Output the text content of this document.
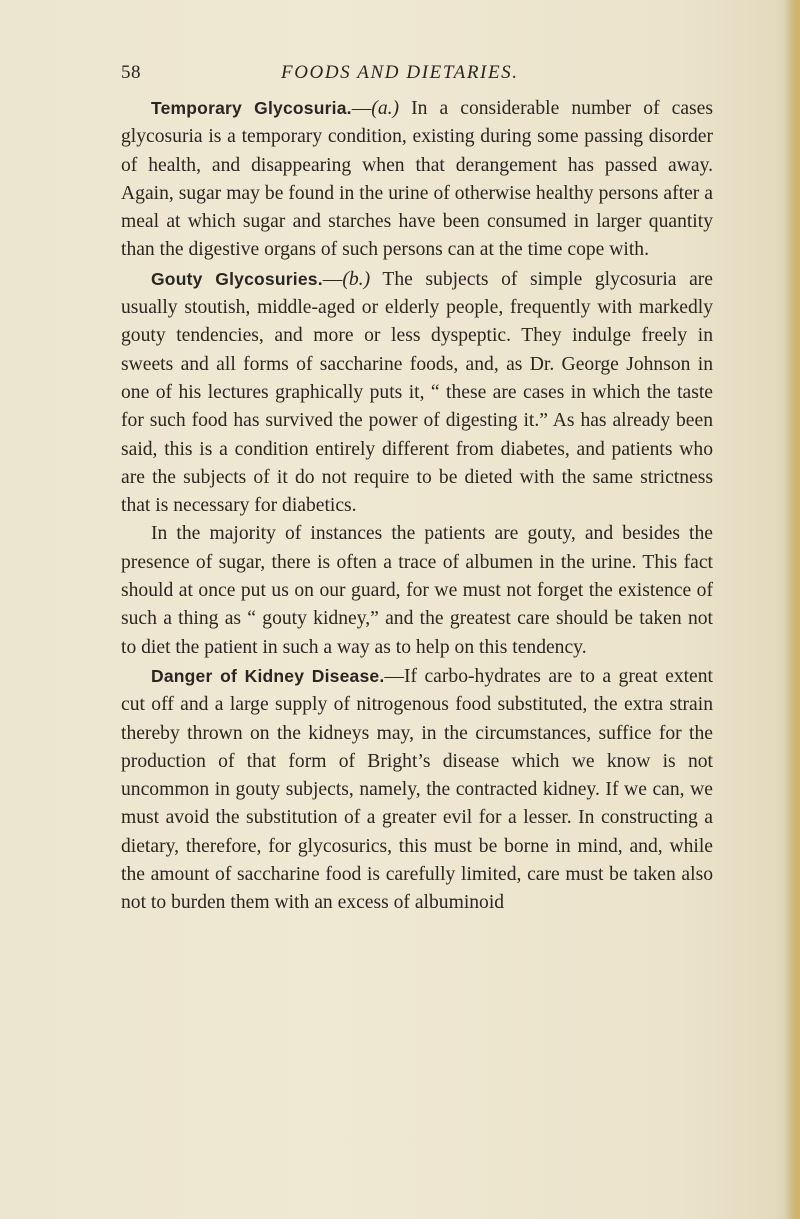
58	FOODS AND DIETARIES.

Temporary Glycosuria.—(a.) In a considerable number of cases glycosuria is a temporary condition, existing during some passing disorder of health, and disappearing when that derangement has passed away. Again, sugar may be found in the urine of otherwise healthy persons after a meal at which sugar and starches have been consumed in larger quantity than the digestive organs of such persons can at the time cope with.

Gouty Glycosuries.—(b.) The subjects of simple glycosuria are usually stoutish, middle-aged or elderly people, frequently with markedly gouty tendencies, and more or less dyspeptic. They indulge freely in sweets and all forms of saccharine foods, and, as Dr. George Johnson in one of his lectures graphically puts it, “ these are cases in which the taste for such food has survived the power of digesting it.” As has already been said, this is a condition entirely different from diabetes, and patients who are the subjects of it do not require to be dieted with the same strictness that is necessary for diabetics.

In the majority of instances the patients are gouty, and besides the presence of sugar, there is often a trace of albumen in the urine. This fact should at once put us on our guard, for we must not forget the existence of such a thing as “ gouty kidney,” and the greatest care should be taken not to diet the patient in such a way as to help on this tendency.

Danger of Kidney Disease.—If carbo-hydrates are to a great extent cut off and a large supply of nitrogenous food substituted, the extra strain thereby thrown on the kidneys may, in the circumstances, suffice for the production of that form of Bright’s disease which we know is not uncommon in gouty subjects, namely, the contracted kidney. If we can, we must avoid the substitution of a greater evil for a lesser. In constructing a dietary, therefore, for glycosurics, this must be borne in mind, and, while the amount of saccharine food is carefully limited, care must be taken also not to burden them with an excess of albuminoid
